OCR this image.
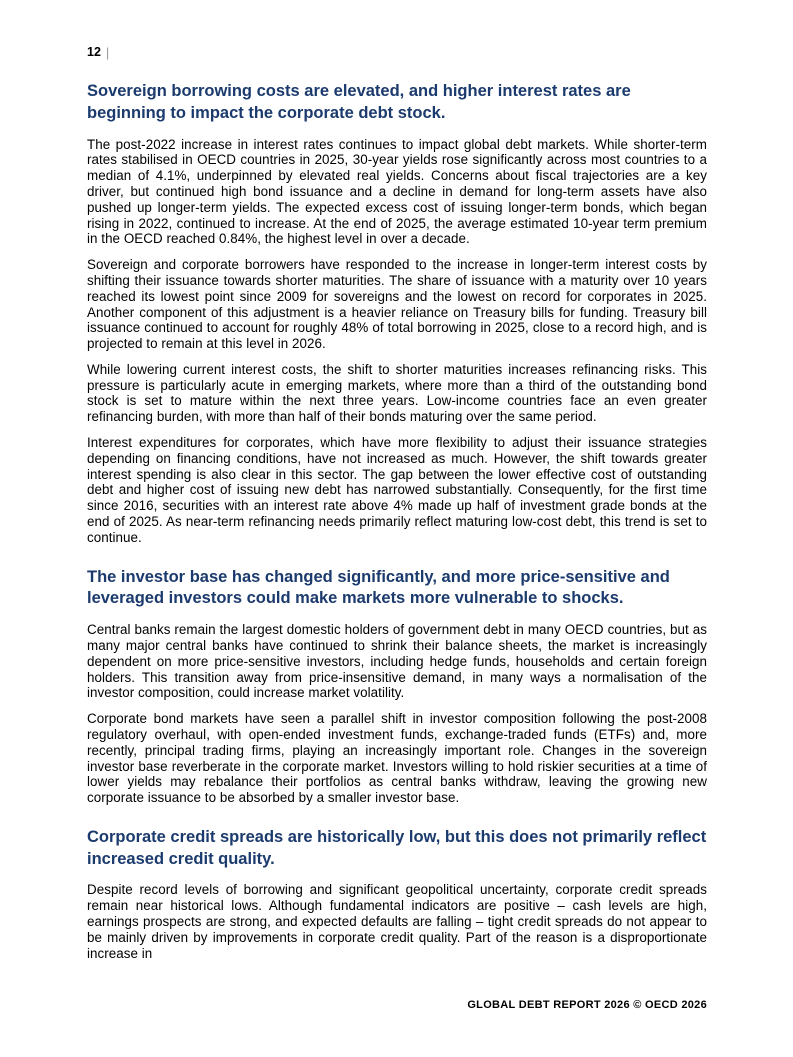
12 |
Sovereign borrowing costs are elevated, and higher interest rates are beginning to impact the corporate debt stock.

The post-2022 increase in interest rates continues to impact global debt markets. While shorter-term rates stabilised in OECD countries in 2025, 30-year yields rose significantly across most countries to a median of 4.1%, underpinned by elevated real yields. Concerns about fiscal trajectories are a key driver, but continued high bond issuance and a decline in demand for long-term assets have also pushed up longer-term yields. The expected excess cost of issuing longer-term bonds, which began rising in 2022, continued to increase. At the end of 2025, the average estimated 10-year term premium in the OECD reached 0.84%, the highest level in over a decade.

Sovereign and corporate borrowers have responded to the increase in longer-term interest costs by shifting their issuance towards shorter maturities. The share of issuance with a maturity over 10 years reached its lowest point since 2009 for sovereigns and the lowest on record for corporates in 2025. Another component of this adjustment is a heavier reliance on Treasury bills for funding. Treasury bill issuance continued to account for roughly 48% of total borrowing in 2025, close to a record high, and is projected to remain at this level in 2026.

While lowering current interest costs, the shift to shorter maturities increases refinancing risks. This pressure is particularly acute in emerging markets, where more than a third of the outstanding bond stock is set to mature within the next three years. Low-income countries face an even greater refinancing burden, with more than half of their bonds maturing over the same period.

Interest expenditures for corporates, which have more flexibility to adjust their issuance strategies depending on financing conditions, have not increased as much. However, the shift towards greater interest spending is also clear in this sector. The gap between the lower effective cost of outstanding debt and higher cost of issuing new debt has narrowed substantially. Consequently, for the first time since 2016, securities with an interest rate above 4% made up half of investment grade bonds at the end of 2025. As near-term refinancing needs primarily reflect maturing low-cost debt, this trend is set to continue.

The investor base has changed significantly, and more price-sensitive and leveraged investors could make markets more vulnerable to shocks.

Central banks remain the largest domestic holders of government debt in many OECD countries, but as many major central banks have continued to shrink their balance sheets, the market is increasingly dependent on more price-sensitive investors, including hedge funds, households and certain foreign holders. This transition away from price-insensitive demand, in many ways a normalisation of the investor composition, could increase market volatility.

Corporate bond markets have seen a parallel shift in investor composition following the post-2008 regulatory overhaul, with open-ended investment funds, exchange-traded funds (ETFs) and, more recently, principal trading firms, playing an increasingly important role. Changes in the sovereign investor base reverberate in the corporate market. Investors willing to hold riskier securities at a time of lower yields may rebalance their portfolios as central banks withdraw, leaving the growing new corporate issuance to be absorbed by a smaller investor base.

Corporate credit spreads are historically low, but this does not primarily reflect increased credit quality.

Despite record levels of borrowing and significant geopolitical uncertainty, corporate credit spreads remain near historical lows. Although fundamental indicators are positive – cash levels are high, earnings prospects are strong, and expected defaults are falling – tight credit spreads do not appear to be mainly driven by improvements in corporate credit quality. Part of the reason is a disproportionate increase in

GLOBAL DEBT REPORT 2026 © OECD 2026
